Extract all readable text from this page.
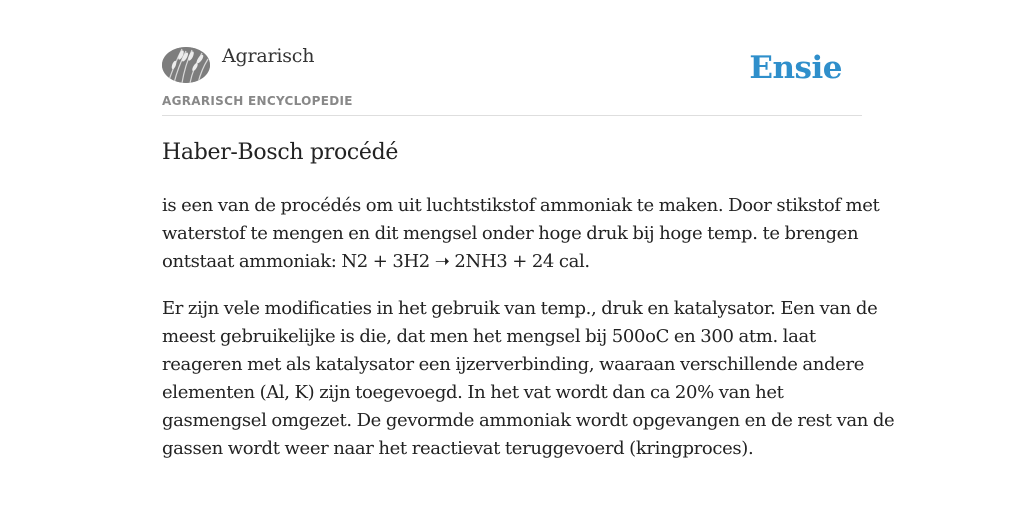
Agrarisch
AGRARISCH ENCYCLOPEDIE
Ensie
Haber-Bosch procédé

is een van de procédés om uit luchtstikstof ammoniak te maken. Door stikstof met
waterstof te mengen en dit mengsel onder hoge druk bij hoge temp. te brengen
ontstaat ammoniak: N2 + 3H2 ➝ 2NH3 + 24 cal.

Er zijn vele modificaties in het gebruik van temp., druk en katalysator. Een van de
meest gebruikelijke is die, dat men het mengsel bij 500oC en 300 atm. laat
reageren met als katalysator een ijzerverbinding, waaraan verschillende andere
elementen (Al, K) zijn toegevoegd. In het vat wordt dan ca 20% van het
gasmengsel omgezet. De gevormde ammoniak wordt opgevangen en de rest van de
gassen wordt weer naar het reactievat teruggevoerd (kringproces).
